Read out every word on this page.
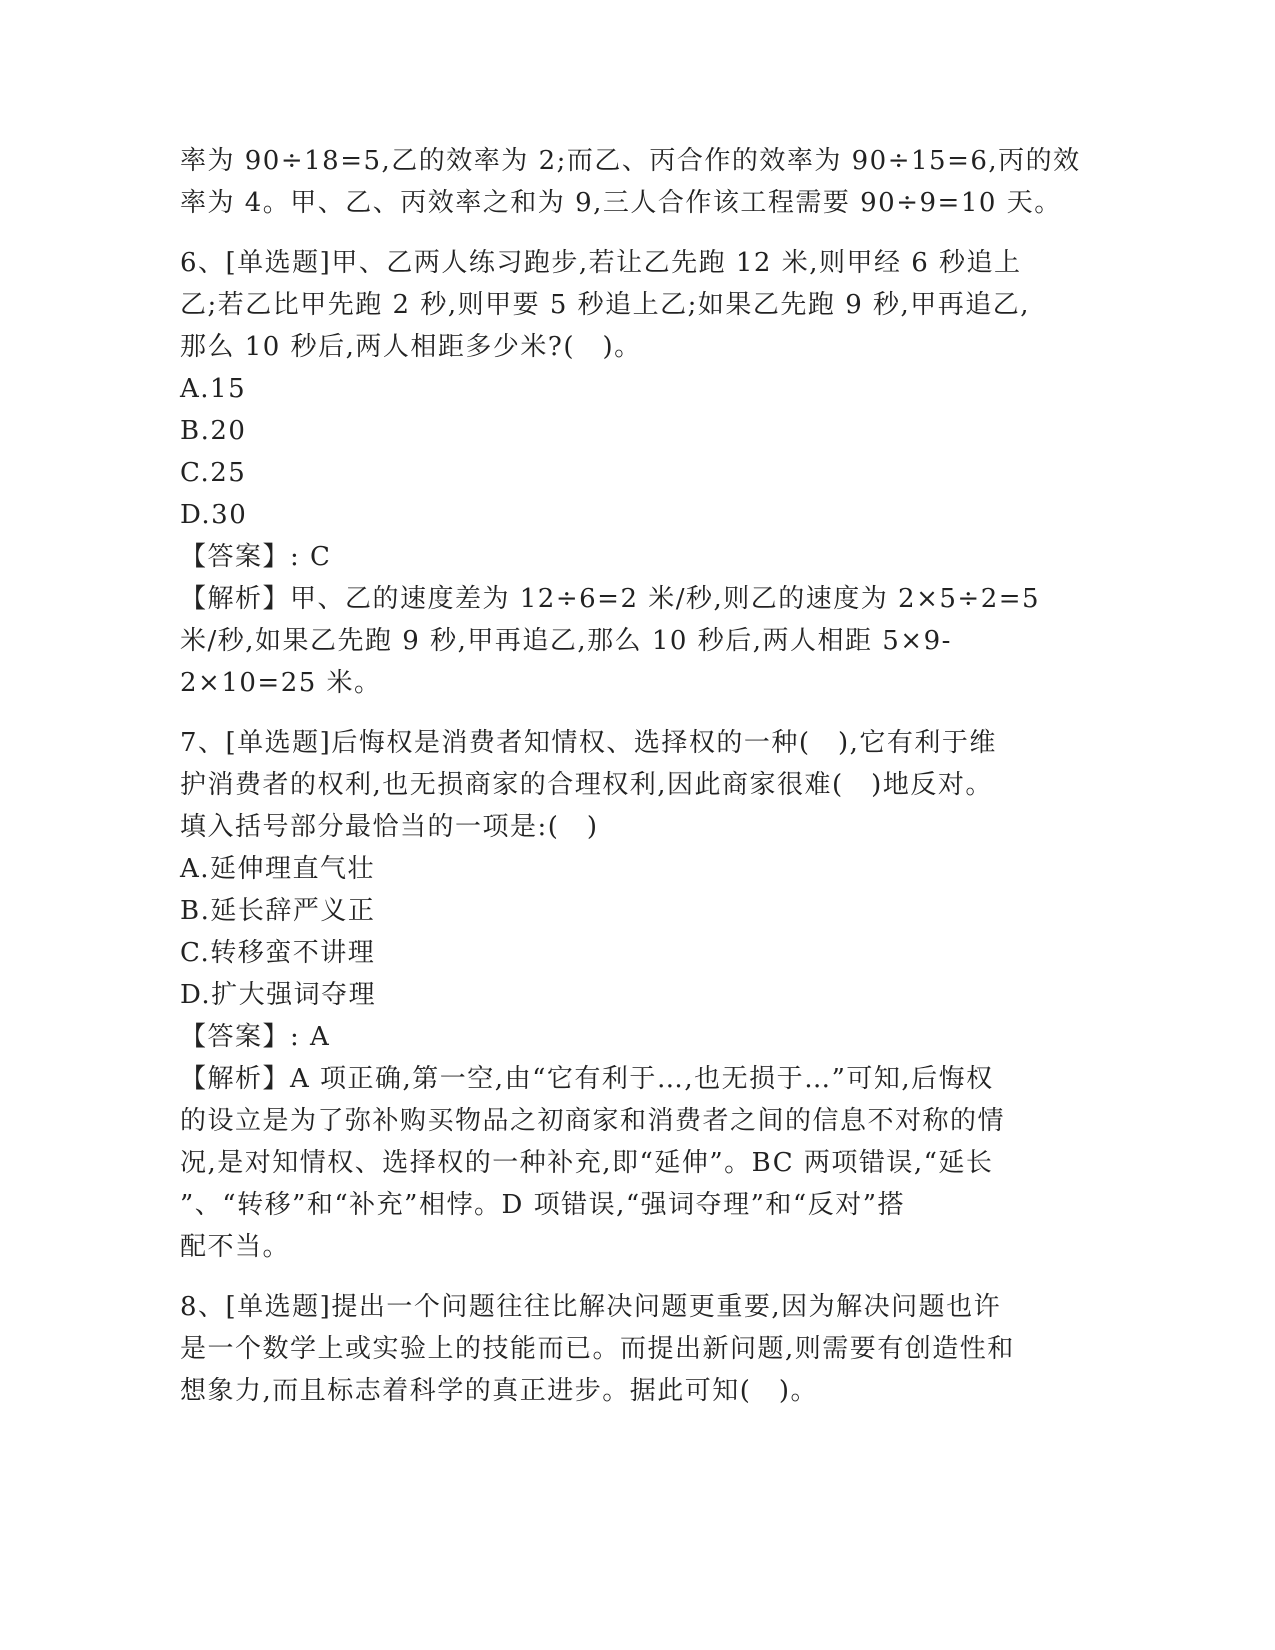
率为 90÷18=5,乙的效率为 2;而乙、丙合作的效率为 90÷15=6,丙的效
率为 4。甲、乙、丙效率之和为 9,三人合作该工程需要 90÷9=10 天。
6、[单选题]甲、乙两人练习跑步,若让乙先跑 12 米,则甲经 6 秒追上
乙;若乙比甲先跑 2 秒,则甲要 5 秒追上乙;如果乙先跑 9 秒,甲再追乙,
那么 10 秒后,两人相距多少米?(　)。
A.15
B.20
C.25
D.30
【答案】: C
【解析】甲、乙的速度差为 12÷6=2 米/秒,则乙的速度为 2×5÷2=5
米/秒,如果乙先跑 9 秒,甲再追乙,那么 10 秒后,两人相距 5×9-
2×10=25 米。
7、[单选题]后悔权是消费者知情权、选择权的一种(　),它有利于维
护消费者的权利,也无损商家的合理权利,因此商家很难(　)地反对。
填入括号部分最恰当的一项是:(　)
A.延伸理直气壮
B.延长辞严义正
C.转移蛮不讲理
D.扩大强词夺理
【答案】: A
【解析】A 项正确,第一空,由“它有利于…,也无损于…”可知,后悔权
的设立是为了弥补购买物品之初商家和消费者之间的信息不对称的情
况,是对知情权、选择权的一种补充,即“延伸”。BC 两项错误,“延长
”、“转移”和“补充”相悖。D 项错误,“强词夺理”和“反对”搭
配不当。
8、[单选题]提出一个问题往往比解决问题更重要,因为解决问题也许
是一个数学上或实验上的技能而已。而提出新问题,则需要有创造性和
想象力,而且标志着科学的真正进步。据此可知(　)。
